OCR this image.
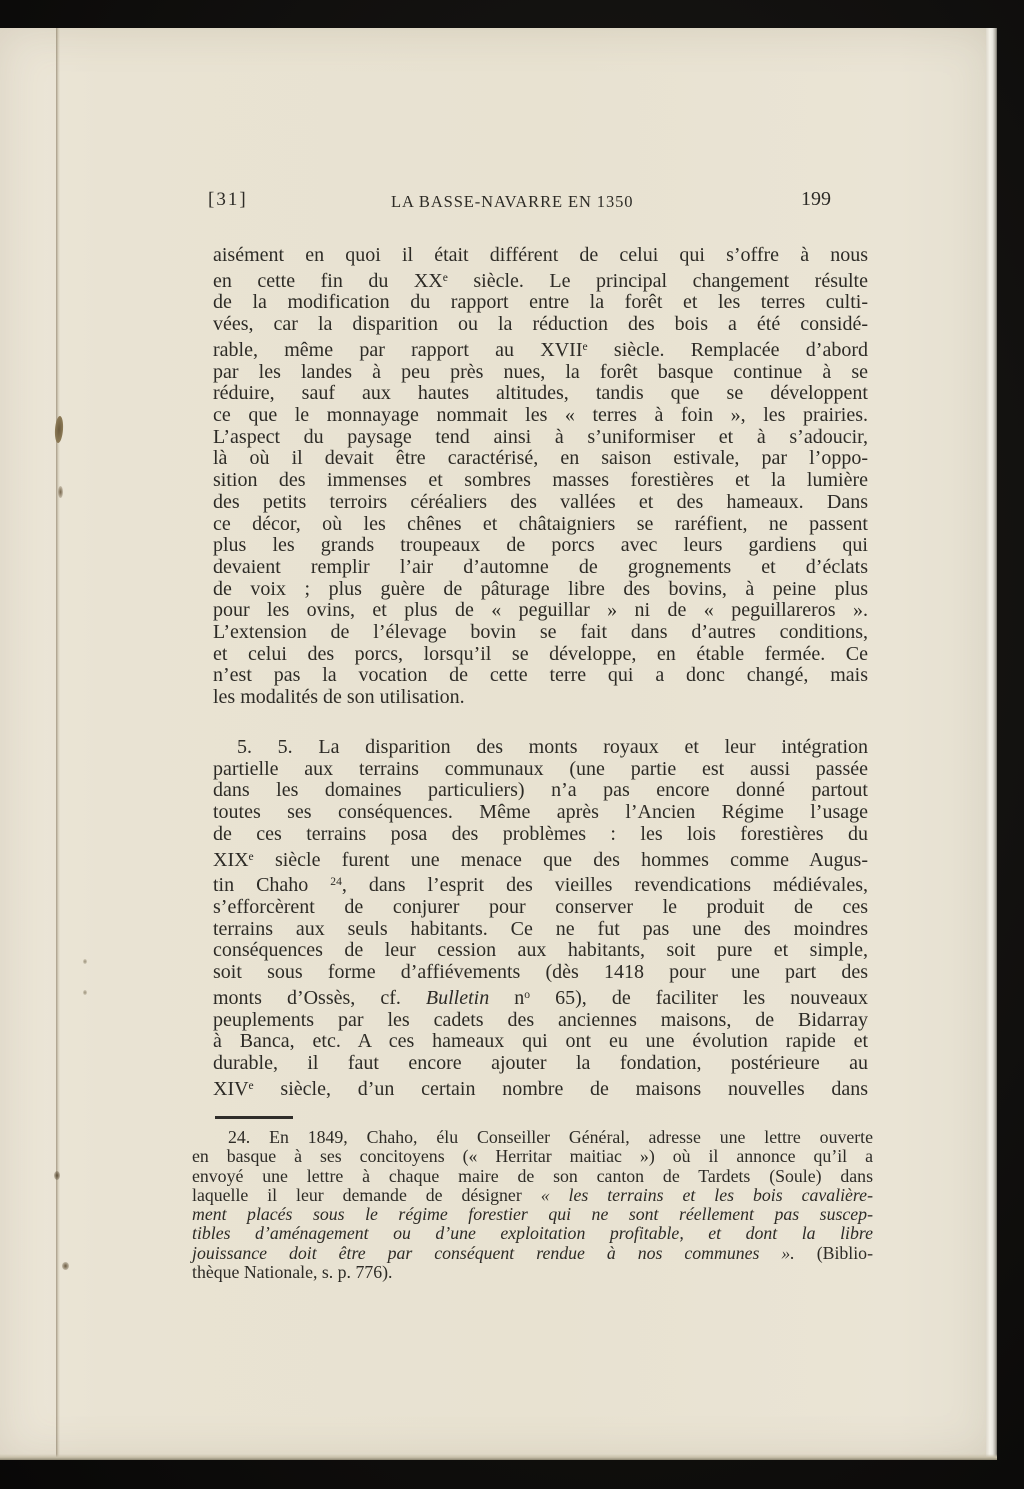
[31]	LA BASSE-NAVARRE EN 1350	199
aisément en quoi il était différent de celui qui s’offre à nous
en cette fin du XXe siècle. Le principal changement résulte
de la modification du rapport entre la forêt et les terres culti-
vées, car la disparition ou la réduction des bois a été considé-
rable, même par rapport au XVIIe siècle. Remplacée d’abord
par les landes à peu près nues, la forêt basque continue à se
réduire, sauf aux hautes altitudes, tandis que se développent
ce que le monnayage nommait les « terres à foin », les prairies.
L’aspect du paysage tend ainsi à s’uniformiser et à s’adoucir,
là où il devait être caractérisé, en saison estivale, par l’oppo-
sition des immenses et sombres masses forestières et la lumière
des petits terroirs céréaliers des vallées et des hameaux. Dans
ce décor, où les chênes et châtaigniers se raréfient, ne passent
plus les grands troupeaux de porcs avec leurs gardiens qui
devaient remplir l’air d’automne de grognements et d’éclats
de voix ; plus guère de pâturage libre des bovins, à peine plus
pour les ovins, et plus de « peguillar » ni de « peguillareros ».
L’extension de l’élevage bovin se fait dans d’autres conditions,
et celui des porcs, lorsqu’il se développe, en étable fermée. Ce
n’est pas la vocation de cette terre qui a donc changé, mais
les modalités de son utilisation.
5. 5. La disparition des monts royaux et leur intégration
partielle aux terrains communaux (une partie est aussi passée
dans les domaines particuliers) n’a pas encore donné partout
toutes ses conséquences. Même après l’Ancien Régime l’usage
de ces terrains posa des problèmes : les lois forestières du
XIXe siècle furent une menace que des hommes comme Augus-
tin Chaho $^{24}$, dans l’esprit des vieilles revendications médiévales,
s’efforcèrent de conjurer pour conserver le produit de ces
terrains aux seuls habitants. Ce ne fut pas une des moindres
conséquences de leur cession aux habitants, soit pure et simple,
soit sous forme d’affiévements (dès 1418 pour une part des
monts d’Ossès, cf. Bulletin $n^o$ 65), de faciliter les nouveaux
peuplements par les cadets des anciennes maisons, de Bidarray
à Banca, etc. A ces hameaux qui ont eu une évolution rapide et
durable, il faut encore ajouter la fondation, postérieure au
XIVe siècle, d’un certain nombre de maisons nouvelles dans
24. En 1849, Chaho, élu Conseiller Général, adresse une lettre ouverte
en basque à ses concitoyens (« Herritar maitiac ») où il annonce qu’il a
envoyé une lettre à chaque maire de son canton de Tardets (Soule) dans
laquelle il leur demande de désigner « les terrains et les bois cavalière-
ment placés sous le régime forestier qui ne sont réellement pas suscep-
tibles d’aménagement ou d’une exploitation profitable, et dont la libre
jouissance doit être par conséquent rendue à nos communes ». (Biblio-
thèque Nationale, s. p. 776).
